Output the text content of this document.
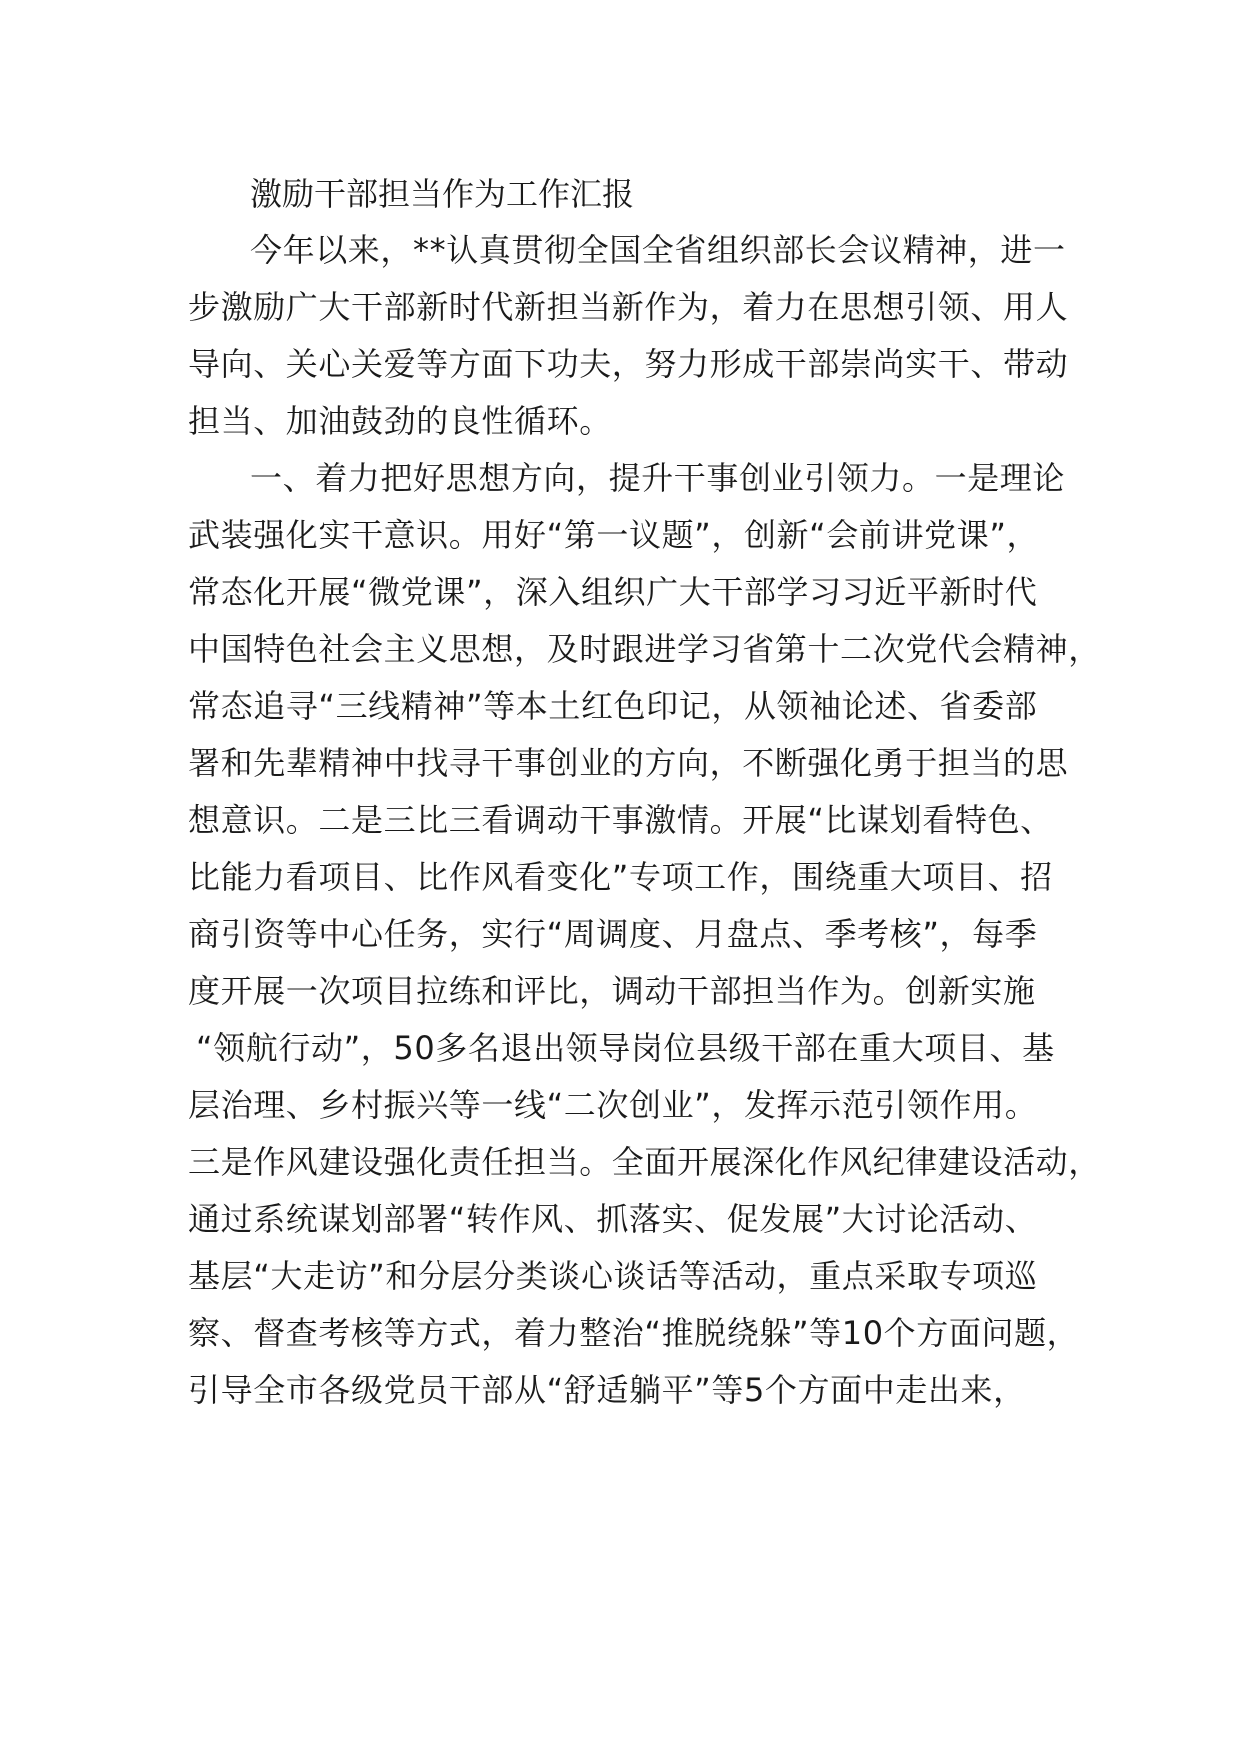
激励干部担当作为工作汇报
今年以来，**认真贯彻全国全省组织部长会议精神，进一
步激励广大干部新时代新担当新作为，着力在思想引领、用人
导向、关心关爱等方面下功夫，努力形成干部崇尚实干、带动
担当、加油鼓劲的良性循环。
一、着力把好思想方向，提升干事创业引领力。一是理论
武装强化实干意识。用好“第一议题”，创新“会前讲党课”，
常态化开展“微党课”，深入组织广大干部学习习近平新时代
中国特色社会主义思想，及时跟进学习省第十二次党代会精神，
常态追寻“三线精神”等本土红色印记，从领袖论述、省委部
署和先辈精神中找寻干事创业的方向，不断强化勇于担当的思
想意识。二是三比三看调动干事激情。开展“比谋划看特色、
比能力看项目、比作风看变化”专项工作，围绕重大项目、招
商引资等中心任务，实行“周调度、月盘点、季考核”，每季
度开展一次项目拉练和评比，调动干部担当作为。创新实施
“领航行动”，50多名退出领导岗位县级干部在重大项目、基
层治理、乡村振兴等一线“二次创业”，发挥示范引领作用。
三是作风建设强化责任担当。全面开展深化作风纪律建设活动，
通过系统谋划部署“转作风、抓落实、促发展”大讨论活动、
基层“大走访”和分层分类谈心谈话等活动，重点采取专项巡
察、督查考核等方式，着力整治“推脱绕躲”等10个方面问题，
引导全市各级党员干部从“舒适躺平”等5个方面中走出来，
